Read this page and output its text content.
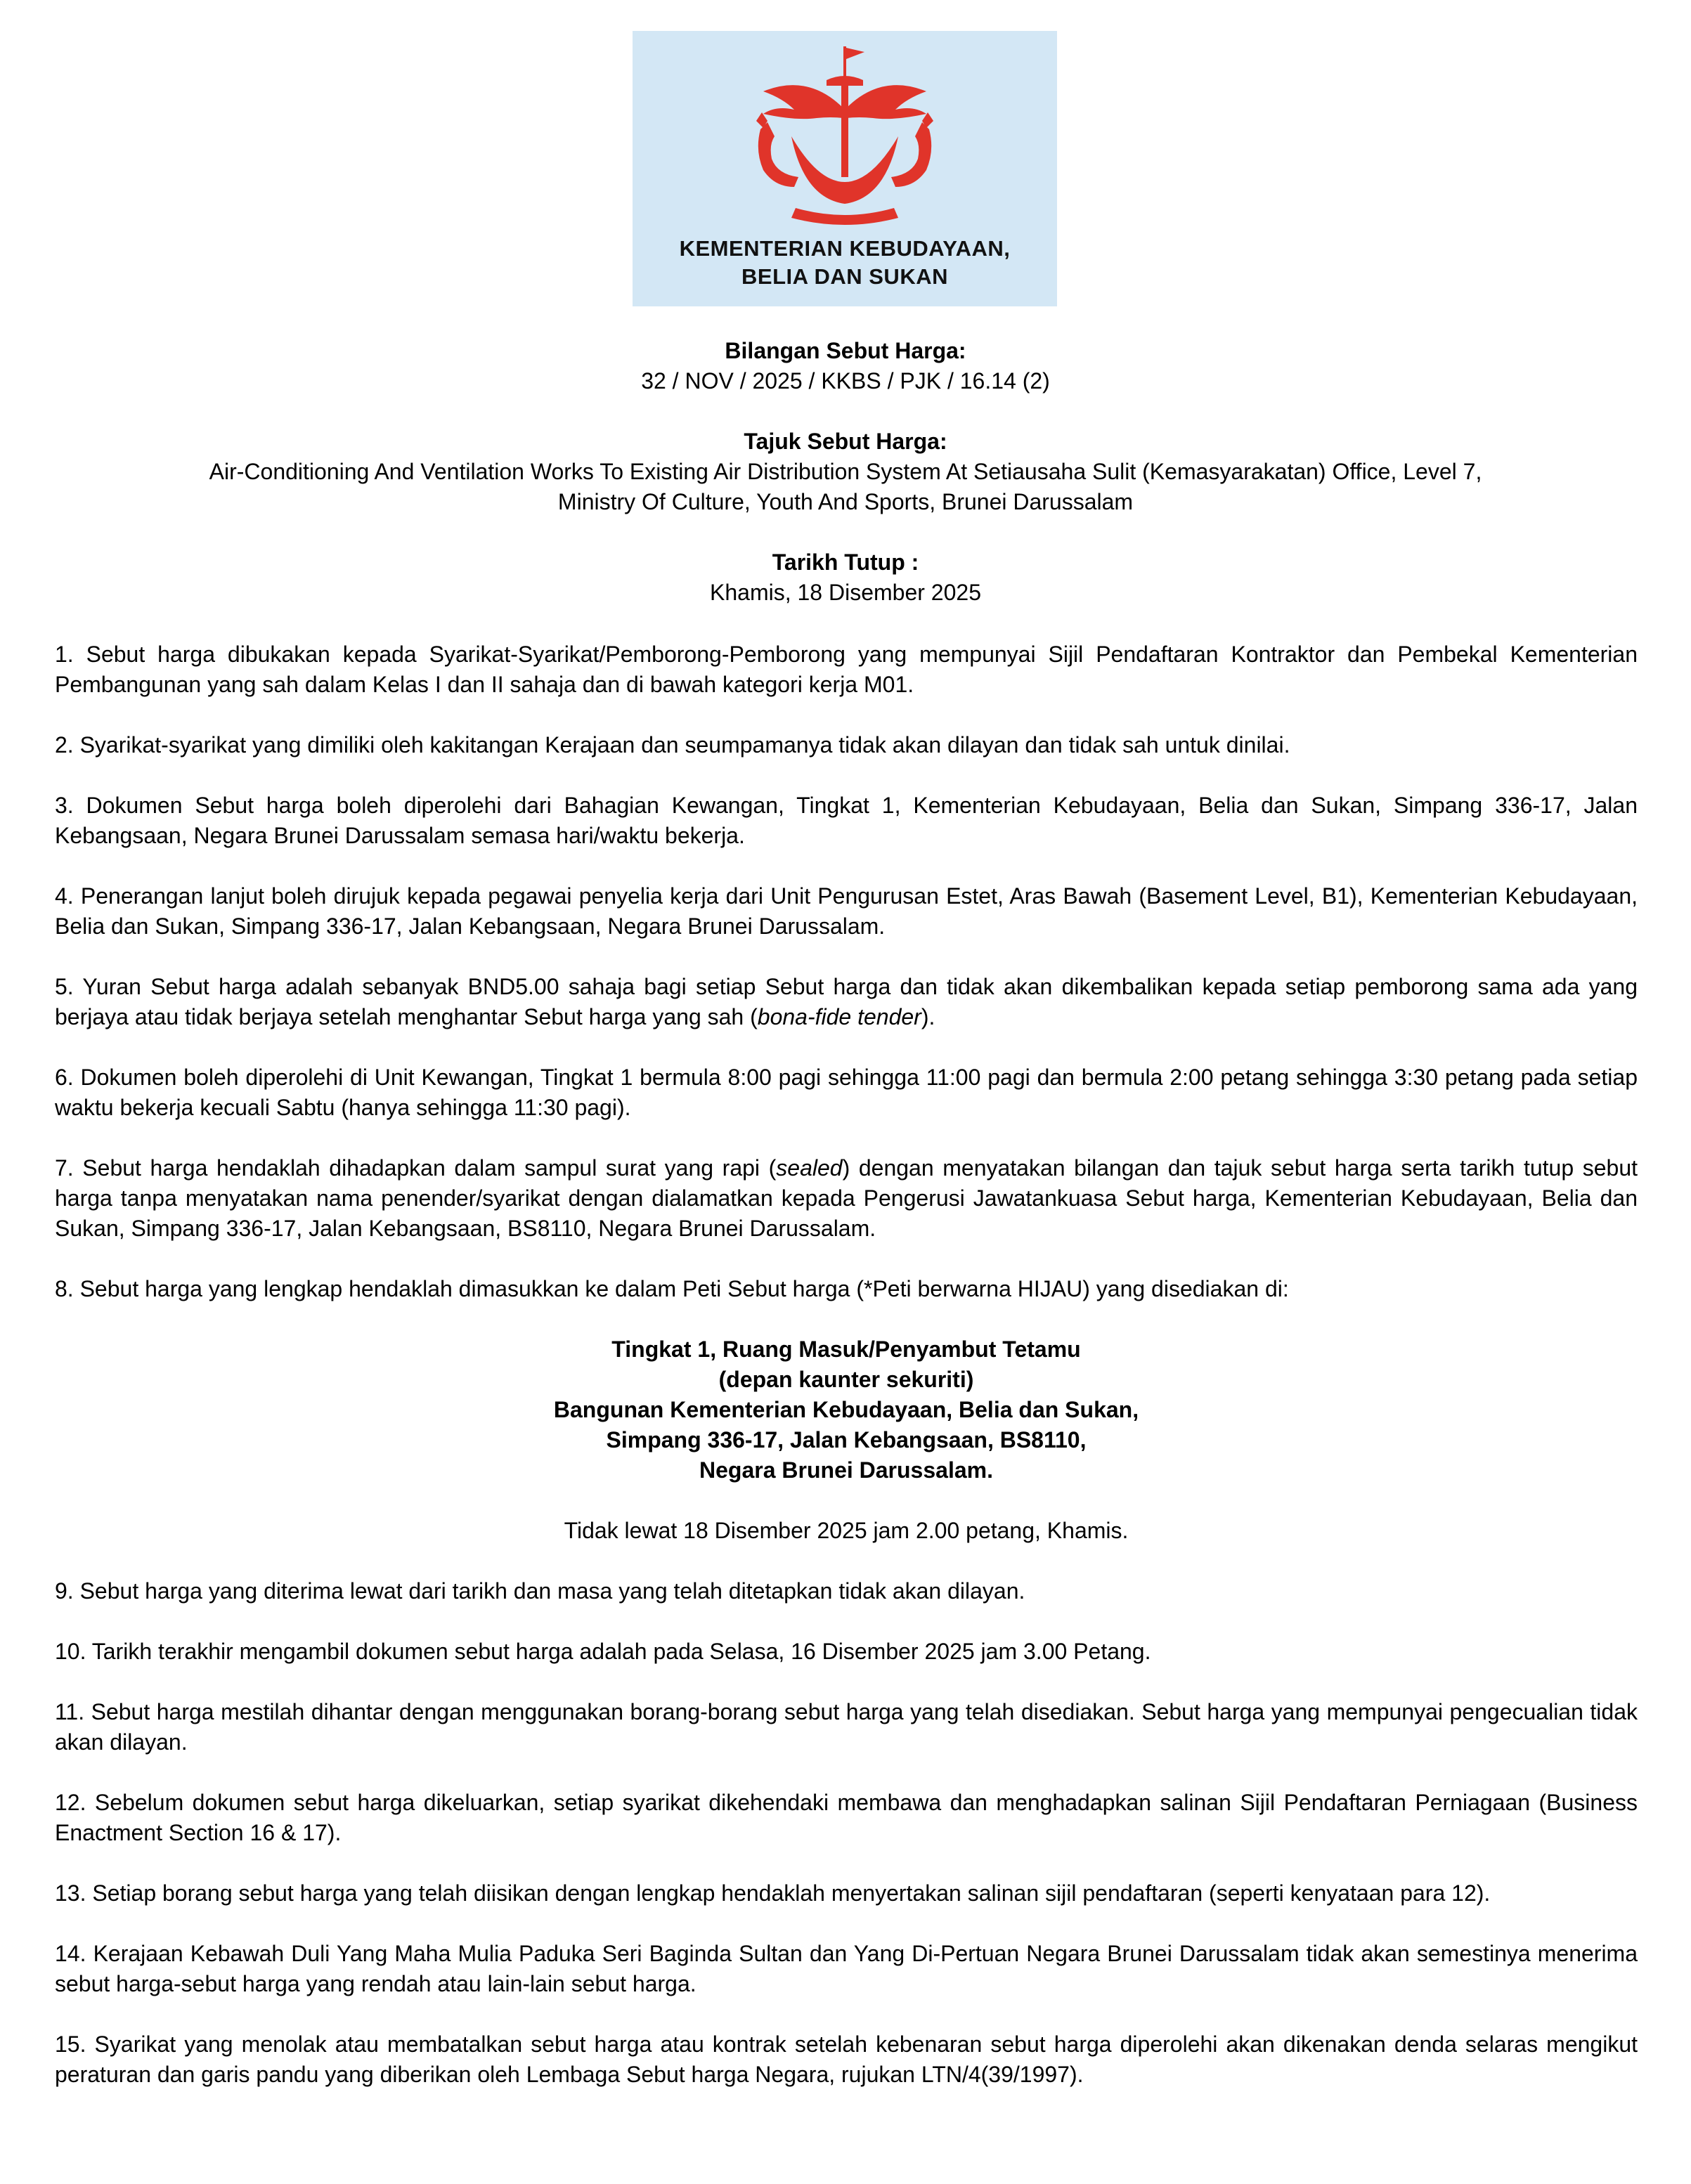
KEMENTERIAN KEBUDAYAAN,
BELIA DAN SUKAN
Bilangan Sebut Harga:
32 / NOV / 2025 / KKBS / PJK / 16.14 (2)
Tajuk Sebut Harga:
Air-Conditioning And Ventilation Works To Existing Air Distribution System At Setiausaha Sulit (Kemasyarakatan) Office, Level 7,
Ministry Of Culture, Youth And Sports, Brunei Darussalam
Tarikh Tutup :
Khamis, 18 Disember 2025

1. Sebut harga dibukakan kepada Syarikat-Syarikat/Pemborong-Pemborong yang mempunyai Sijil Pendaftaran Kontraktor dan Pembekal Kementerian Pembangunan yang sah dalam Kelas I dan II sahaja dan di bawah kategori kerja M01.

2. Syarikat-syarikat yang dimiliki oleh kakitangan Kerajaan dan seumpamanya tidak akan dilayan dan tidak sah untuk dinilai.

3. Dokumen Sebut harga boleh diperolehi dari Bahagian Kewangan, Tingkat 1, Kementerian Kebudayaan, Belia dan Sukan, Simpang 336-17, Jalan Kebangsaan, Negara Brunei Darussalam semasa hari/waktu bekerja.

4. Penerangan lanjut boleh dirujuk kepada pegawai penyelia kerja dari Unit Pengurusan Estet, Aras Bawah (Basement Level, B1), Kementerian Kebudayaan, Belia dan Sukan, Simpang 336-17, Jalan Kebangsaan, Negara Brunei Darussalam.

5. Yuran Sebut harga adalah sebanyak BND5.00 sahaja bagi setiap Sebut harga dan tidak akan dikembalikan kepada setiap pemborong sama ada yang berjaya atau tidak berjaya setelah menghantar Sebut harga yang sah (bona-fide tender).

6. Dokumen boleh diperolehi di Unit Kewangan, Tingkat 1 bermula 8:00 pagi sehingga 11:00 pagi dan bermula 2:00 petang sehingga 3:30 petang pada setiap waktu bekerja kecuali Sabtu (hanya sehingga 11:30 pagi).

7. Sebut harga hendaklah dihadapkan dalam sampul surat yang rapi (sealed) dengan menyatakan bilangan dan tajuk sebut harga serta tarikh tutup sebut harga tanpa menyatakan nama penender/syarikat dengan dialamatkan kepada Pengerusi Jawatankuasa Sebut harga, Kementerian Kebudayaan, Belia dan Sukan, Simpang 336-17, Jalan Kebangsaan, BS8110, Negara Brunei Darussalam.

8. Sebut harga yang lengkap hendaklah dimasukkan ke dalam Peti Sebut harga (*Peti berwarna HIJAU) yang disediakan di:

Tingkat 1, Ruang Masuk/Penyambut Tetamu
(depan kaunter sekuriti)
Bangunan Kementerian Kebudayaan, Belia dan Sukan,
Simpang 336-17, Jalan Kebangsaan, BS8110,
Negara Brunei Darussalam.

Tidak lewat 18 Disember 2025 jam 2.00 petang, Khamis.

9. Sebut harga yang diterima lewat dari tarikh dan masa yang telah ditetapkan tidak akan dilayan.

10. Tarikh terakhir mengambil dokumen sebut harga adalah pada Selasa, 16 Disember 2025 jam 3.00 Petang.

11. Sebut harga mestilah dihantar dengan menggunakan borang-borang sebut harga yang telah disediakan. Sebut harga yang mempunyai pengecualian tidak akan dilayan.

12. Sebelum dokumen sebut harga dikeluarkan, setiap syarikat dikehendaki membawa dan menghadapkan salinan Sijil Pendaftaran Perniagaan (Business Enactment Section 16 & 17).

13. Setiap borang sebut harga yang telah diisikan dengan lengkap hendaklah menyertakan salinan sijil pendaftaran (seperti kenyataan para 12).

14. Kerajaan Kebawah Duli Yang Maha Mulia Paduka Seri Baginda Sultan dan Yang Di-Pertuan Negara Brunei Darussalam tidak akan semestinya menerima sebut harga-sebut harga yang rendah atau lain-lain sebut harga.

15. Syarikat yang menolak atau membatalkan sebut harga atau kontrak setelah kebenaran sebut harga diperolehi akan dikenakan denda selaras mengikut peraturan dan garis pandu yang diberikan oleh Lembaga Sebut harga Negara, rujukan LTN/4(39/1997).
